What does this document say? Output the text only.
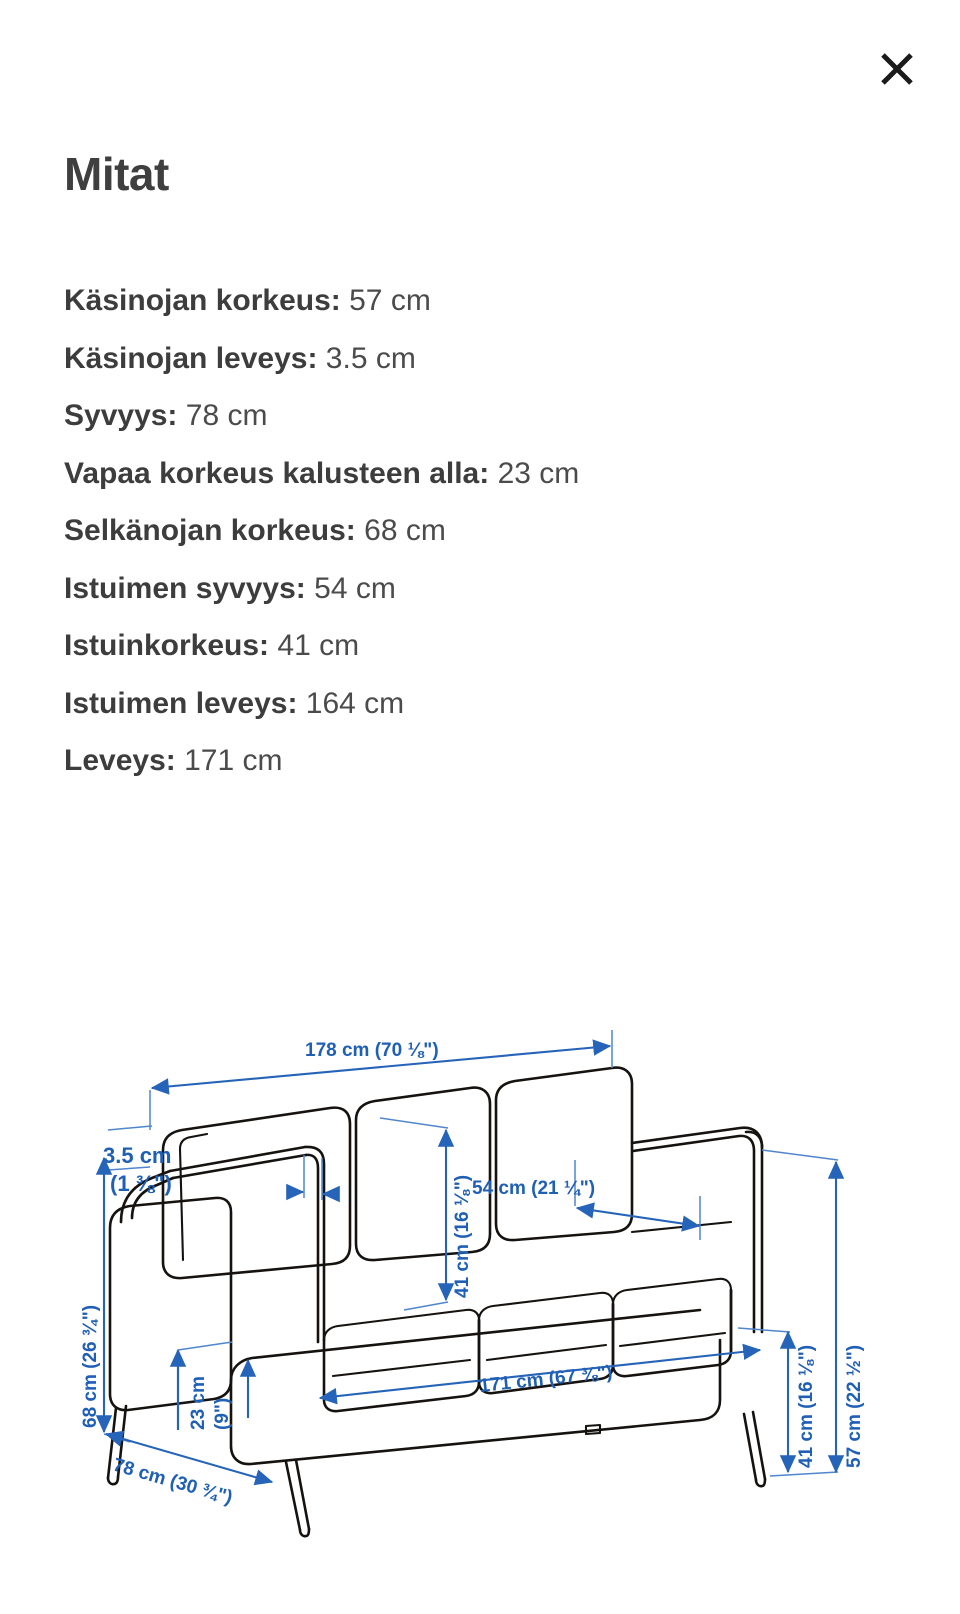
Mitat
Käsinojan korkeus: 57 cm
Käsinojan leveys: 3.5 cm
Syvyys: 78 cm
Vapaa korkeus kalusteen alla: 23 cm
Selkänojan korkeus: 68 cm
Istuimen syvyys: 54 cm
Istuinkorkeus: 41 cm
Istuimen leveys: 164 cm
Leveys: 171 cm
178 cm (70 ⅛")
3.5 cm
(1 ⅜")	41 cm (16 ⅛") 54 cm (21 ¼")
68 cm (26 ¾")	23 cm (9")
78 cm (30 ¾")
171 cm (67 ⅜")	41 cm (16 ⅛") 57 cm (22 ½")
